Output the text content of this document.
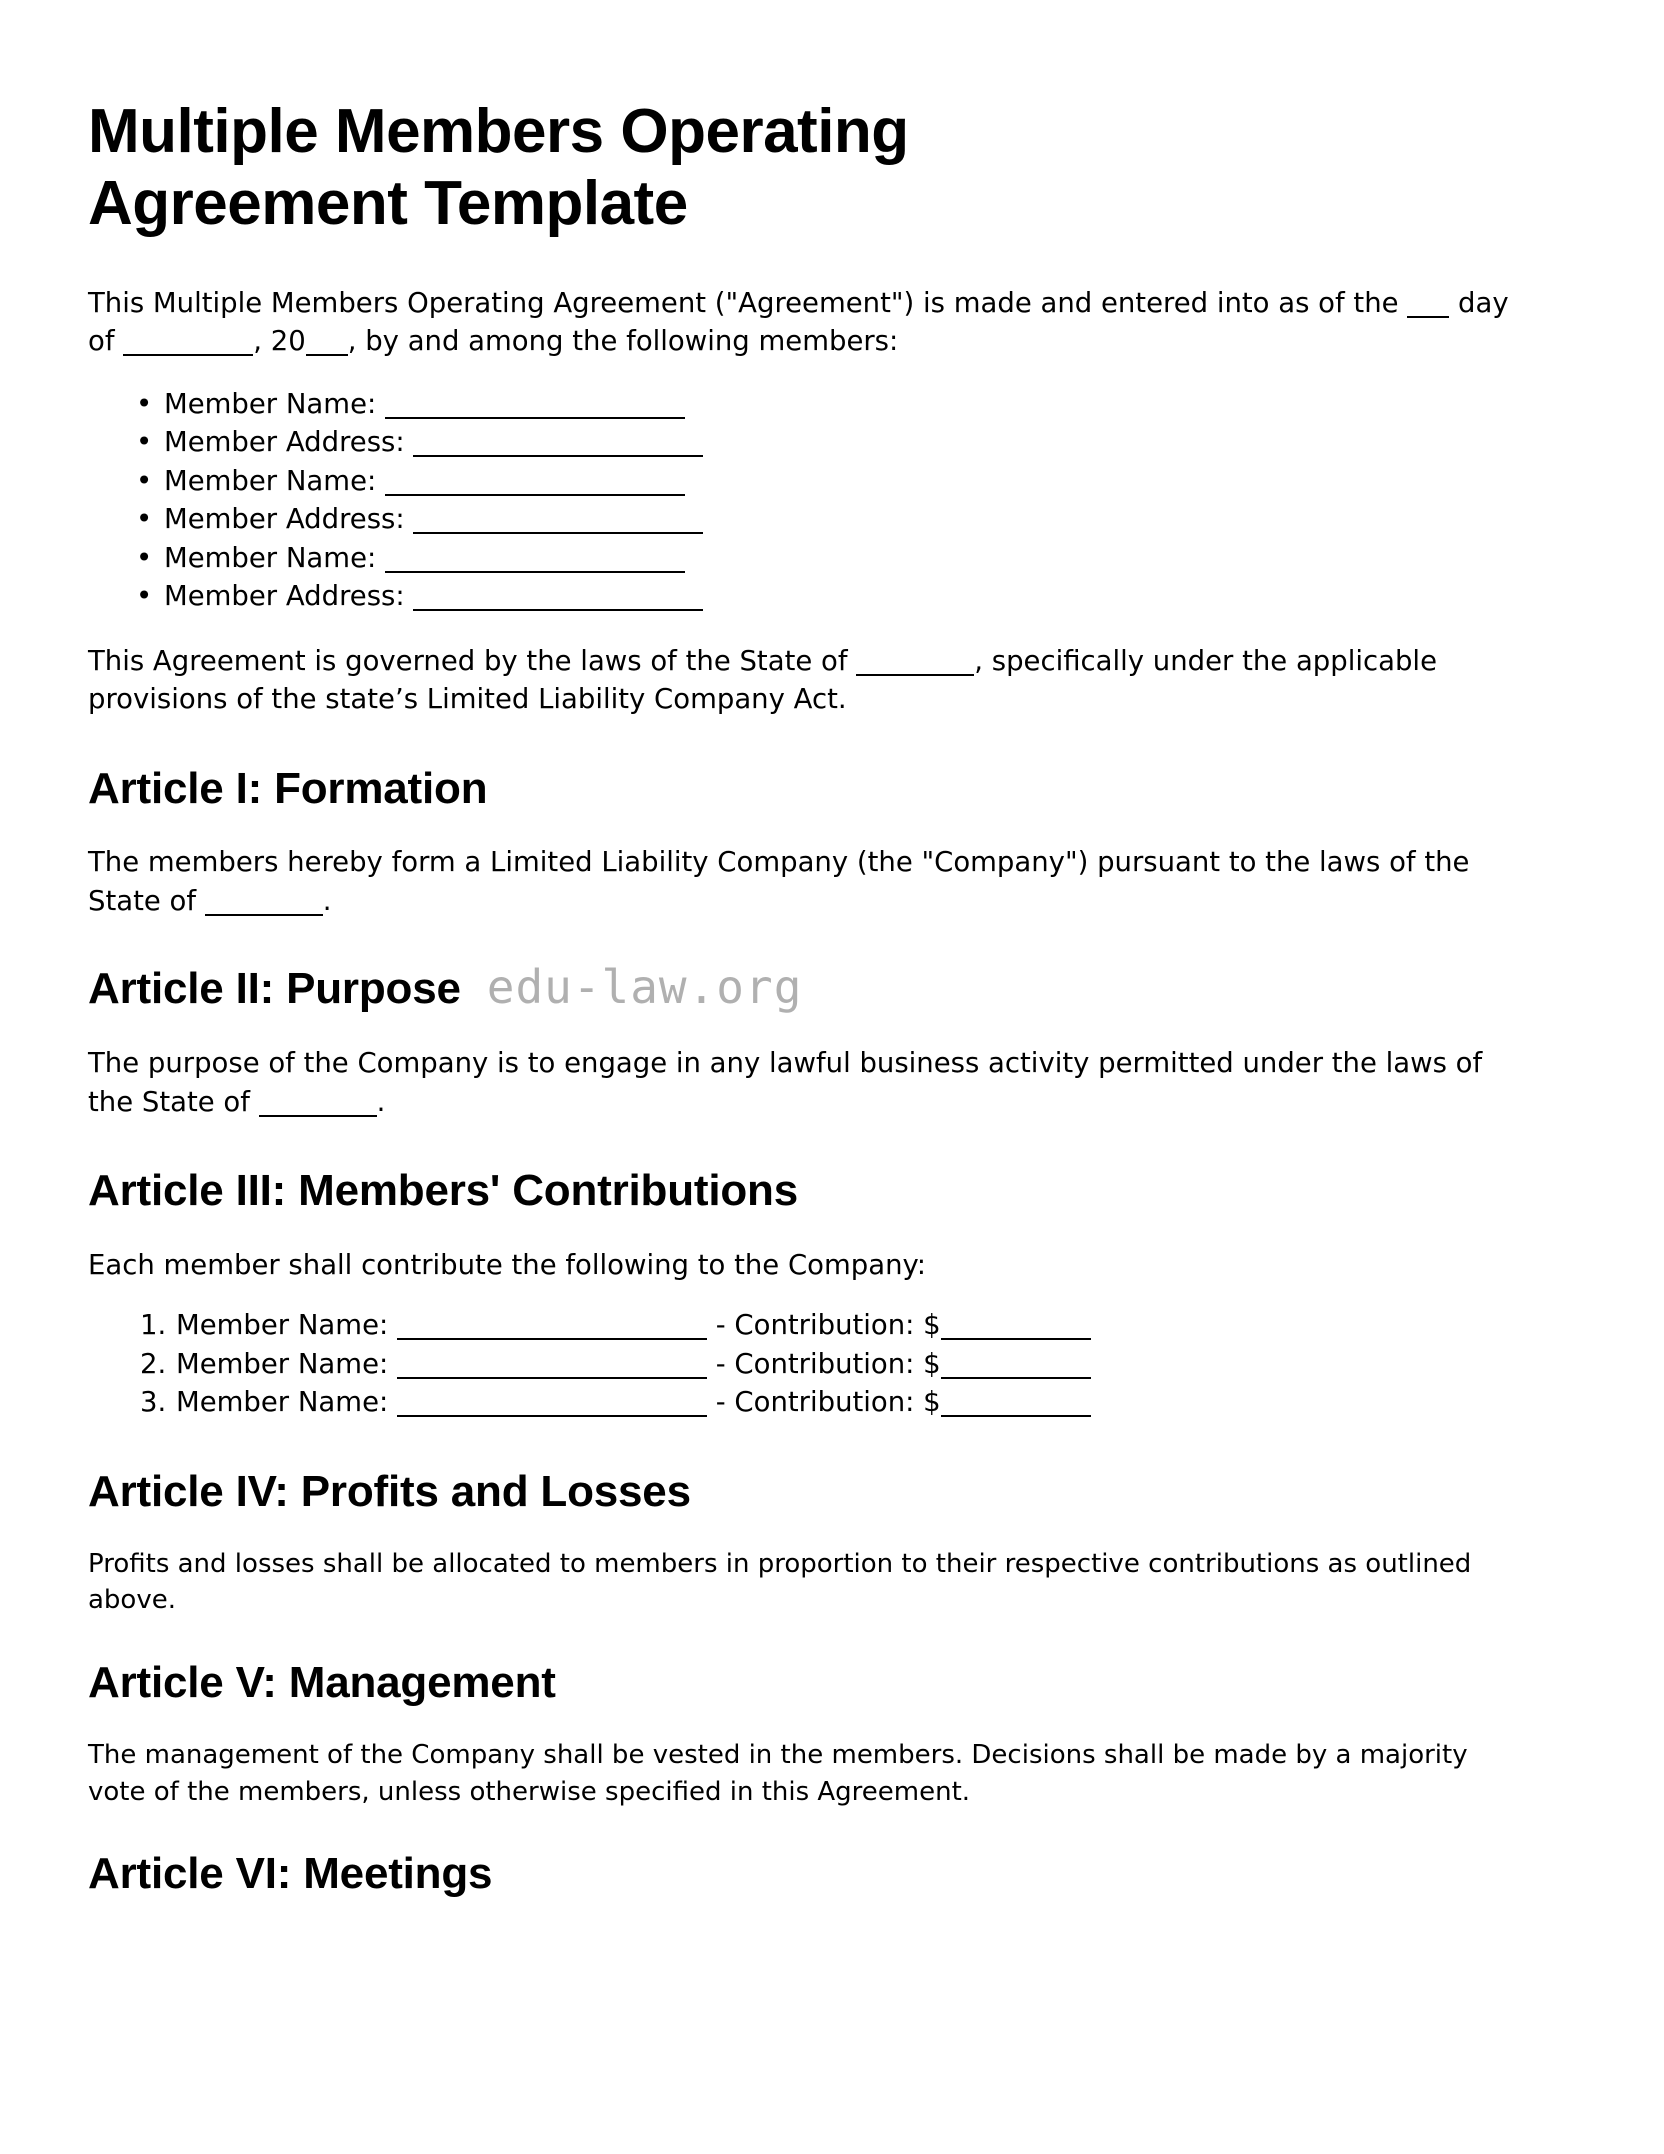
Multiple Members Operating Agreement Template

This Multiple Members Operating Agreement ("Agreement") is made and entered into as of the  day of	, 20 , by and among the following members:

• Member Name:
• Member Address:
• Member Name:
• Member Address:
• Member Name:
• Member Address:

This Agreement is governed by the laws of the State of	, specifically under the applicable provisions of the state’s Limited Liability Company Act.

Article I: Formation

The members hereby form a Limited Liability Company (the "Company") pursuant to the laws of the State of	.

Article II: Purpose edu-law.org

The purpose of the Company is to engage in any lawful business activity permitted under the laws of the State of	.

Article III: Members' Contributions

Each member shall contribute the following to the Company:

1. Member Name:	- Contribution: $
2. Member Name:	- Contribution: $
3. Member Name:	- Contribution: $
Article IV: Profits and Losses

Profits and losses shall be allocated to members in proportion to their respective contributions as outlined above.

Article V: Management

The management of the Company shall be vested in the members. Decisions shall be made by a majority vote of the members, unless otherwise specified in this Agreement.

Article VI: Meetings
